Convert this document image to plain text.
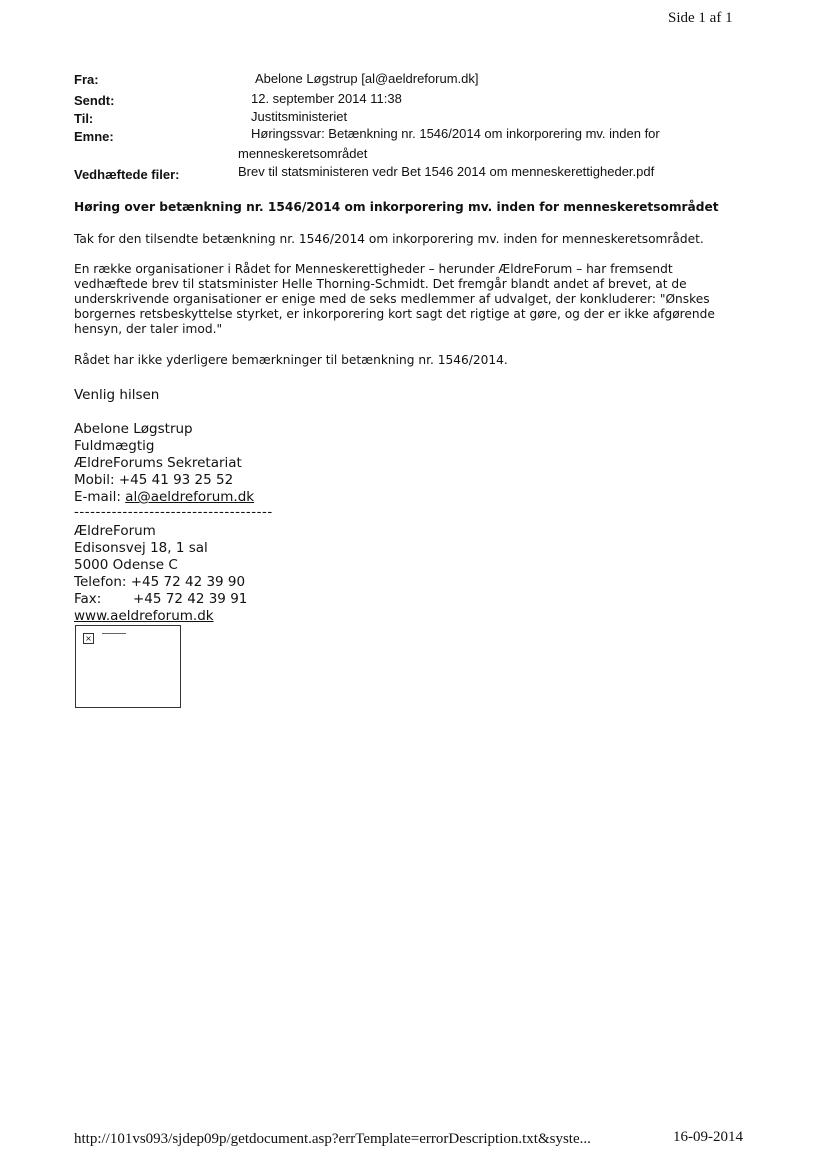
Side 1 af 1
Fra:	Abelone Løgstrup [al@aeldreforum.dk]
Sendt:	12. september 2014 11:38
Til:	Justitsministeriet
Emne:	Høringssvar: Betænkning nr. 1546/2014 om inkorporering mv. inden for
menneskeretsområdet
Vedhæftede filer:	Brev til statsministeren vedr Bet 1546 2014 om menneskerettigheder.pdf
Høring over betænkning nr. 1546/2014 om inkorporering mv. inden for menneskeretsområdet
Tak for den tilsendte betænkning nr. 1546/2014 om inkorporering mv. inden for menneskeretsområdet.
En række organisationer i Rådet for Menneskerettigheder – herunder ÆldreForum – har fremsendt vedhæftede brev til statsminister Helle Thorning-Schmidt. Det fremgår blandt andet af brevet, at de underskrivende organisationer er enige med de seks medlemmer af udvalget, der konkluderer: "Ønskes borgernes retsbeskyttelse styrket, er inkorporering kort sagt det rigtige at gøre, og der er ikke afgørende hensyn, der taler imod."
Rådet har ikke yderligere bemærkninger til betænkning nr. 1546/2014.
Venlig hilsen
Abelone Løgstrup
Fuldmægtig
ÆldreForums Sekretariat
Mobil: +45 41 93 25 52
E-mail: al@aeldreforum.dk
-------------------------------------
ÆldreForum
Edisonsvej 18, 1 sal
5000 Odense C
Telefon: +45 72 42 39 90
Fax: +45 72 42 39 91
www.aeldreforum.dk
×
http://101vs093/sjdep09p/getdocument.asp?errTemplate=errorDescription.txt&syste...	16-09-2014
